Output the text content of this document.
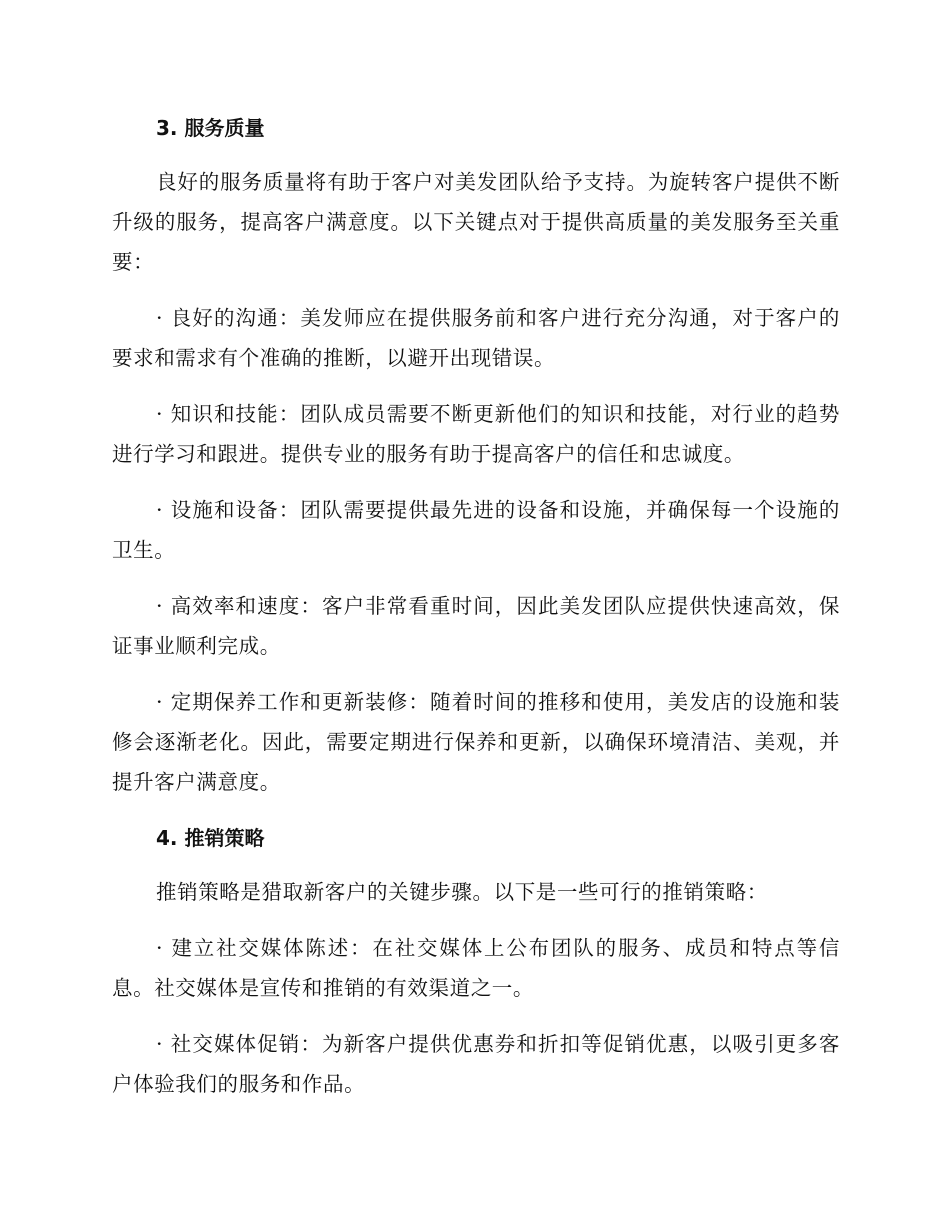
3. 服务质量

良好的服务质量将有助于客户对美发团队给予支持。为旋转客户提供不断升级的服务，提高客户满意度。以下关键点对于提供高质量的美发服务至关重要：

· 良好的沟通：美发师应在提供服务前和客户进行充分沟通，对于客户的要求和需求有个准确的推断，以避开出现错误。

· 知识和技能：团队成员需要不断更新他们的知识和技能，对行业的趋势进行学习和跟进。提供专业的服务有助于提高客户的信任和忠诚度。

· 设施和设备：团队需要提供最先进的设备和设施，并确保每一个设施的卫生。

· 高效率和速度：客户非常看重时间，因此美发团队应提供快速高效，保证事业顺利完成。

· 定期保养工作和更新装修：随着时间的推移和使用，美发店的设施和装修会逐渐老化。因此，需要定期进行保养和更新，以确保环境清洁、美观，并提升客户满意度。

4. 推销策略

推销策略是猎取新客户的关键步骤。以下是一些可行的推销策略：

· 建立社交媒体陈述：在社交媒体上公布团队的服务、成员和特点等信息。社交媒体是宣传和推销的有效渠道之一。

· 社交媒体促销：为新客户提供优惠券和折扣等促销优惠，以吸引更多客户体验我们的服务和作品。
